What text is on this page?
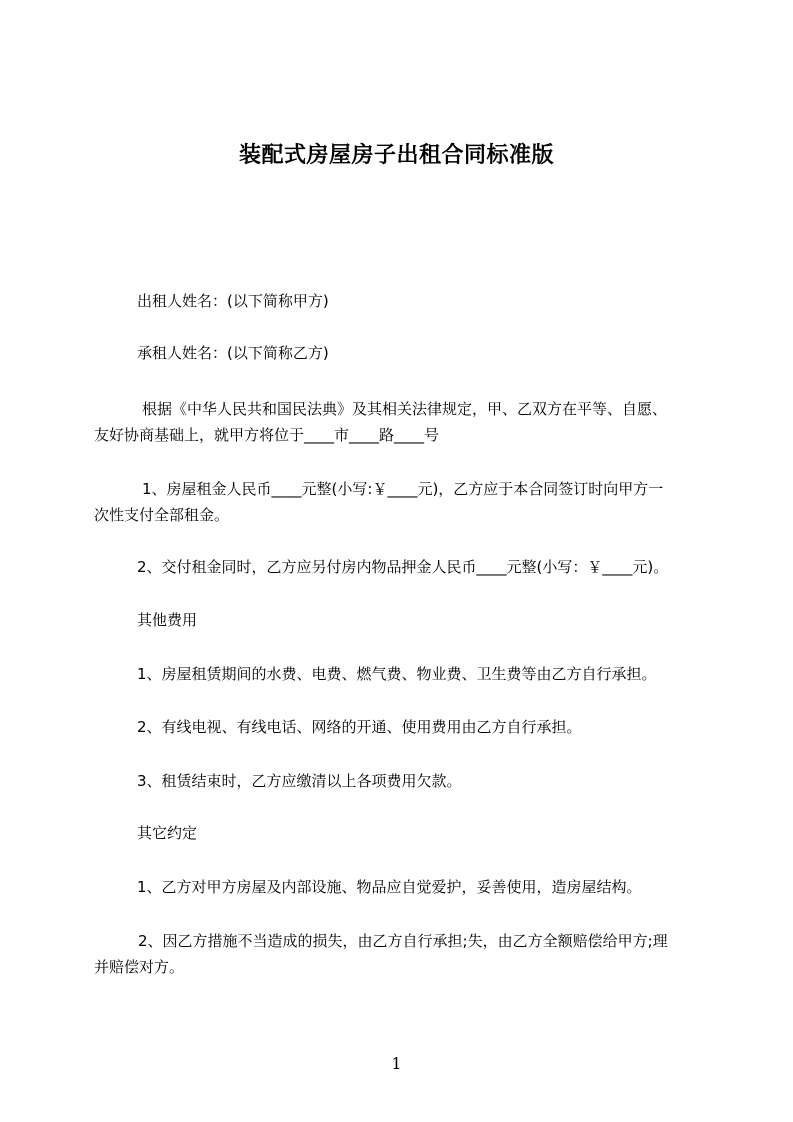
装配式房屋房子出租合同标准版
出租人姓名：(以下简称甲方)
承租人姓名：(以下简称乙方)
根据《中华人民共和国民法典》及其相关法律规定，甲、乙双方在平等、自愿、
友好协商基础上，就甲方将位于____市____路____号
1、房屋租金人民币____元整(小写:￥____元)，乙方应于本合同签订时向甲方一
次性支付全部租金。
2、交付租金同时，乙方应另付房内物品押金人民币____元整(小写：￥____元)。
其他费用
1、房屋租赁期间的水费、电费、燃气费、物业费、卫生费等由乙方自行承担。
2、有线电视、有线电话、网络的开通、使用费用由乙方自行承担。
3、租赁结束时，乙方应缴清以上各项费用欠款。
其它约定
1、乙方对甲方房屋及内部设施、物品应自觉爱护，妥善使用，造房屋结构。
2、因乙方措施不当造成的损失，由乙方自行承担;失，由乙方全额赔偿给甲方;理
并赔偿对方。
1
